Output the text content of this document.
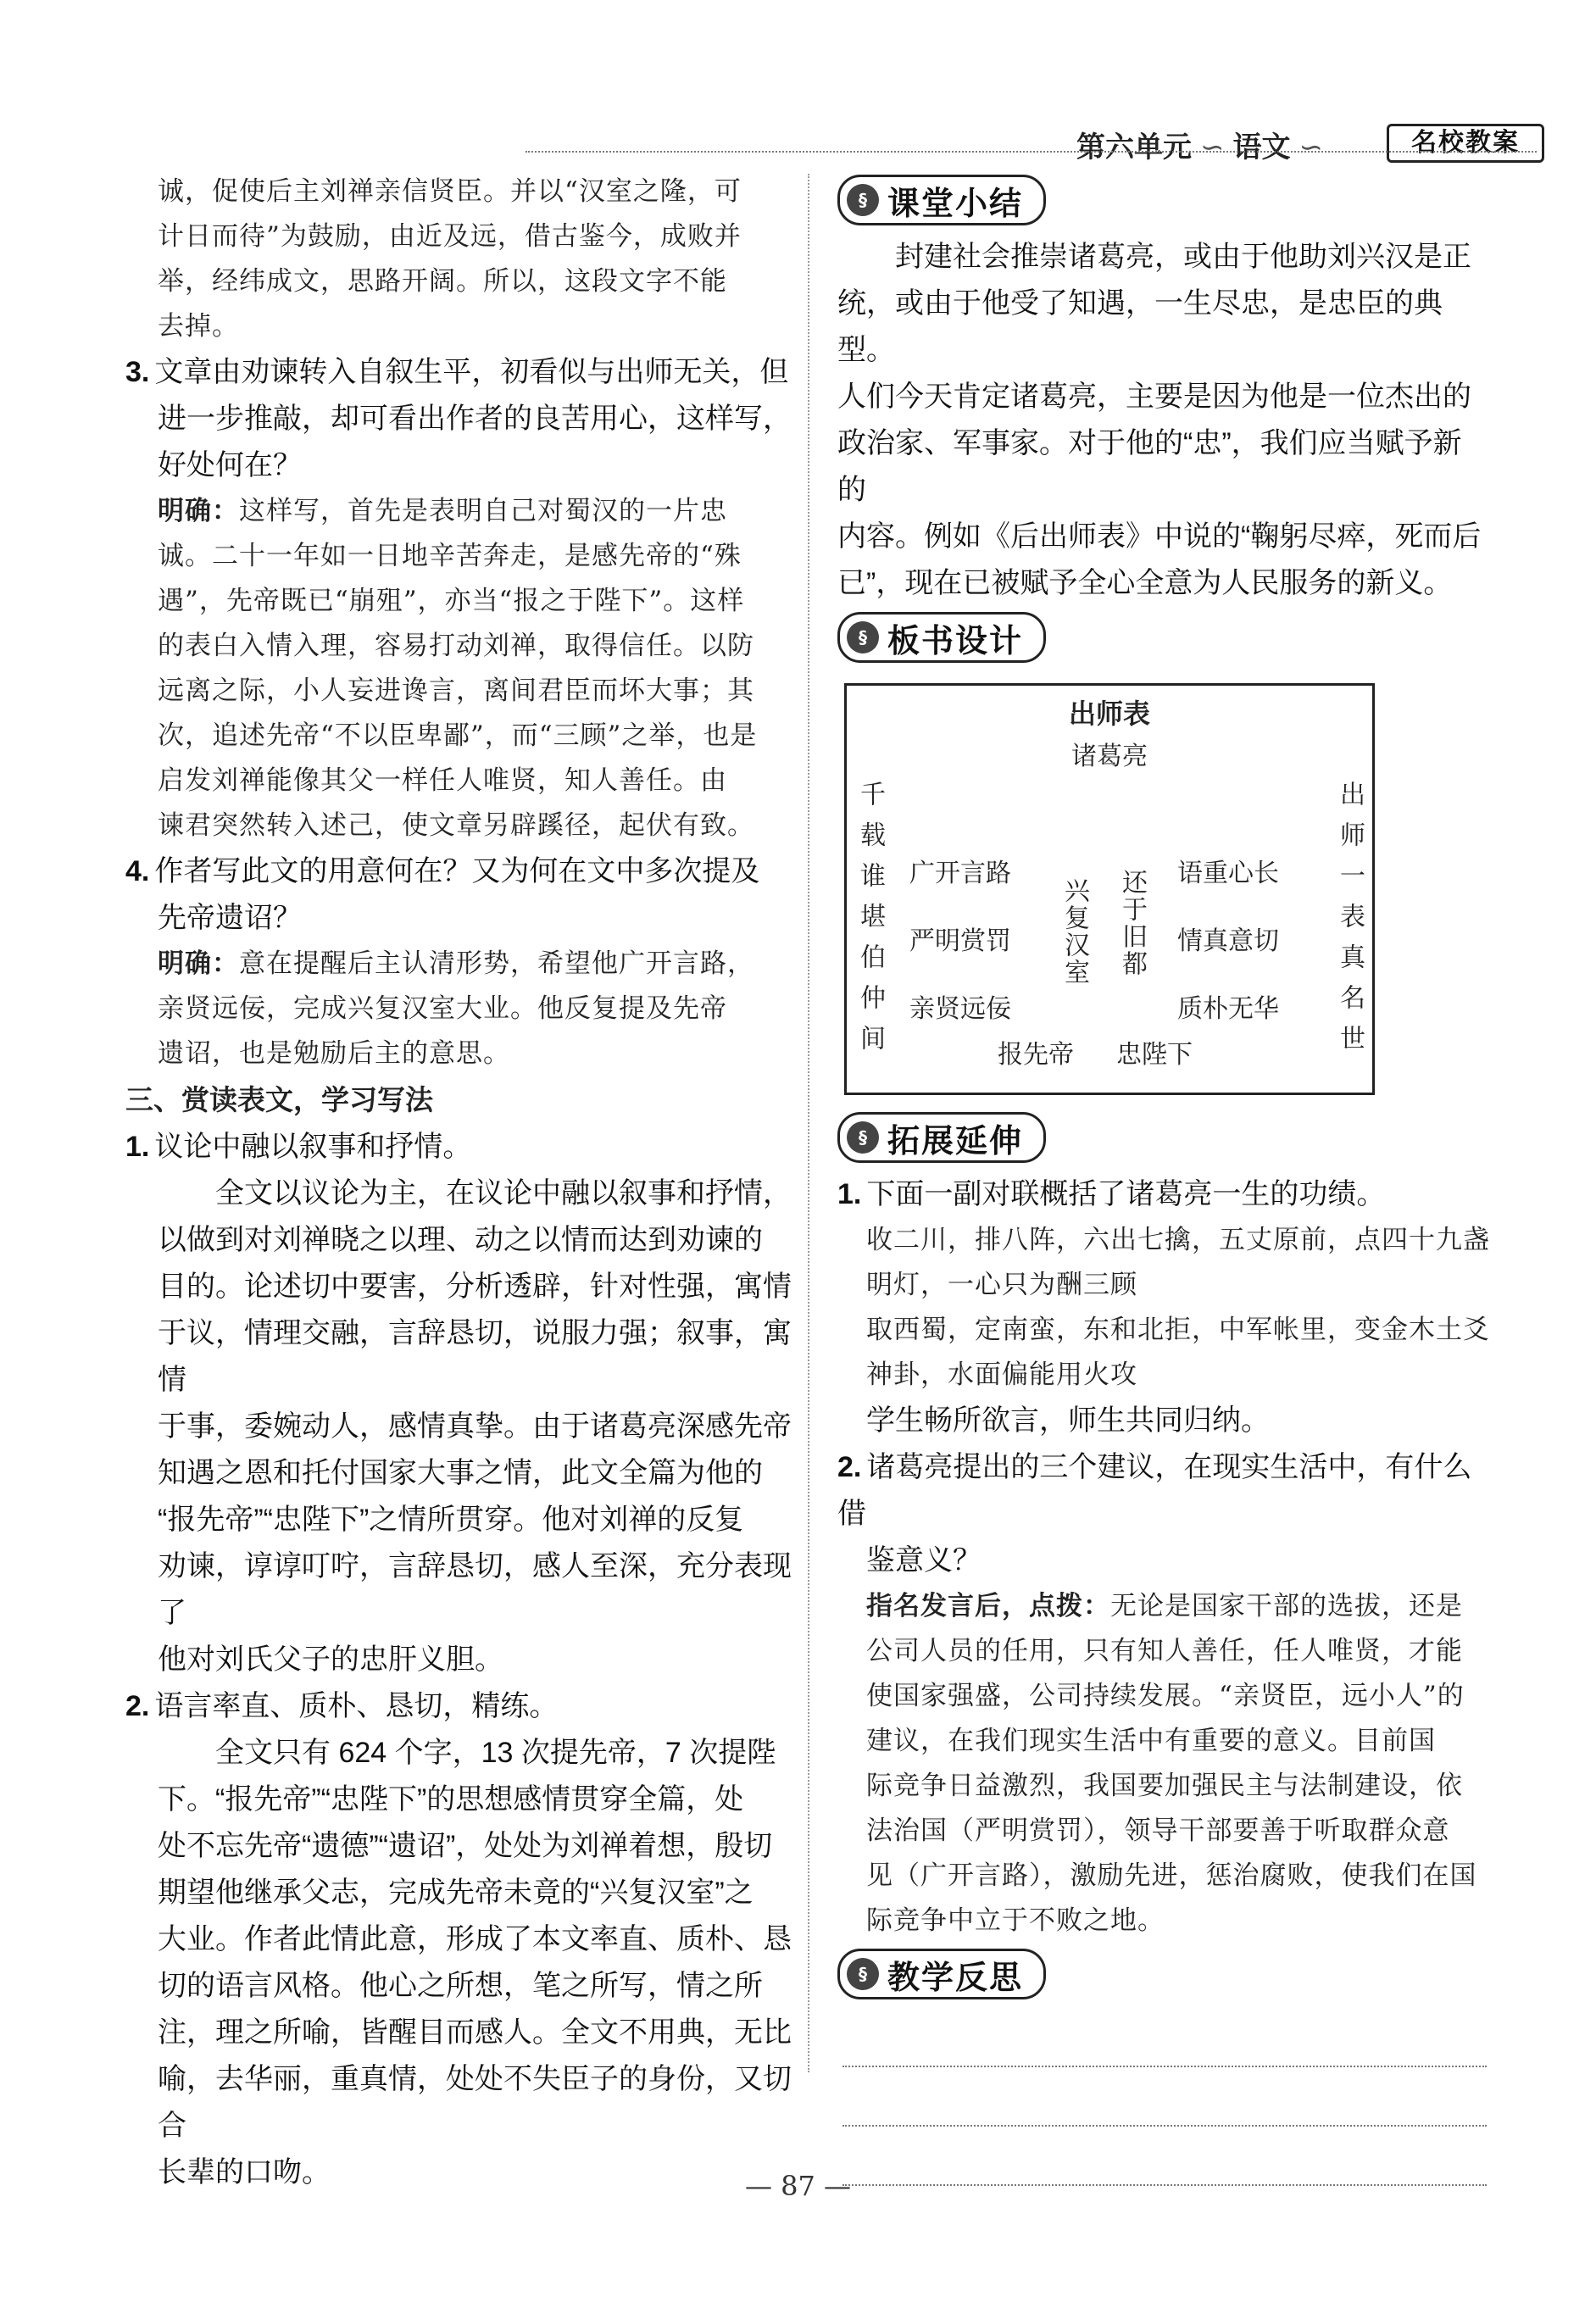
第六单元 ∽ 语文 ∽	名校教案

诚，促使后主刘禅亲信贤臣。并以“汉室之隆，可

计日而待”为鼓励，由近及远，借古鉴今，成败并

举，经纬成文，思路开阔。所以，这段文字不能

去掉。

3. 文章由劝谏转入自叙生平，初看似与出师无关，但

进一步推敲，却可看出作者的良苦用心，这样写，

好处何在？

明确：这样写，首先是表明自己对蜀汉的一片忠

诚。二十一年如一日地辛苦奔走，是感先帝的“殊

遇”，先帝既已“崩殂”，亦当“报之于陛下”。这样

的表白入情入理，容易打动刘禅，取得信任。以防

远离之际，小人妄进谗言，离间君臣而坏大事；其

次，追述先帝“不以臣卑鄙”，而“三顾”之举，也是

启发刘禅能像其父一样任人唯贤，知人善任。由

谏君突然转入述己，使文章另辟蹊径，起伏有致。

4. 作者写此文的用意何在？又为何在文中多次提及

先帝遗诏？

明确：意在提醒后主认清形势，希望他广开言路，

亲贤远佞，完成兴复汉室大业。他反复提及先帝

遗诏，也是勉励后主的意思。

三、赏读表文，学习写法

1. 议论中融以叙事和抒情。

全文以议论为主，在议论中融以叙事和抒情，

以做到对刘禅晓之以理、动之以情而达到劝谏的

目的。论述切中要害，分析透辟，针对性强，寓情

于议，情理交融，言辞恳切，说服力强；叙事，寓情

于事，委婉动人，感情真挚。由于诸葛亮深感先帝

知遇之恩和托付国家大事之情，此文全篇为他的

“报先帝”“忠陛下”之情所贯穿。他对刘禅的反复

劝谏，谆谆叮咛，言辞恳切，感人至深，充分表现了

他对刘氏父子的忠肝义胆。

2. 语言率直、质朴、恳切，精练。

全文只有 624 个字，13 次提先帝，7 次提陛

下。“报先帝”“忠陛下”的思想感情贯穿全篇，处

处不忘先帝“遗德”“遗诏”，处处为刘禅着想，殷切

期望他继承父志，完成先帝未竟的“兴复汉室”之

大业。作者此情此意，形成了本文率直、质朴、恳

切的语言风格。他心之所想，笔之所写，情之所

注，理之所喻，皆醒目而感人。全文不用典，无比

喻，去华丽，重真情，处处不失臣子的身份，又切合

长辈的口吻。

§ 课堂小结

封建社会推崇诸葛亮，或由于他助刘兴汉是正

统，或由于他受了知遇，一生尽忠，是忠臣的典型。

人们今天肯定诸葛亮，主要是因为他是一位杰出的

政治家、军事家。对于他的“忠”，我们应当赋予新的

内容。例如《后出师表》中说的“鞠躬尽瘁，死而后

已”，现在已被赋予全心全意为人民服务的新义。

§ 板书设计
出师表
诸葛亮
千载谁堪伯仲间	出师一表真名世
广开言路
严明赏罚
亲贤远佞
兴复汉室 还于旧都 语重心长
情真意切
质朴无华
报先帝 忠陛下
§ 拓展延伸

1. 下面一副对联概括了诸葛亮一生的功绩。

收二川，排八阵，六出七擒，五丈原前，点四十九盏

明灯，一心只为酬三顾

取西蜀，定南蛮，东和北拒，中军帐里，变金木土爻

神卦，水面偏能用火攻

学生畅所欲言，师生共同归纳。

2. 诸葛亮提出的三个建议，在现实生活中，有什么借

鉴意义？

指名发言后，点拨：无论是国家干部的选拔，还是

公司人员的任用，只有知人善任，任人唯贤，才能

使国家强盛，公司持续发展。“亲贤臣，远小人”的

建议，在我们现实生活中有重要的意义。目前国

际竞争日益激烈，我国要加强民主与法制建设，依

法治国（严明赏罚），领导干部要善于听取群众意

见（广开言路），激励先进，惩治腐败，使我们在国

际竞争中立于不败之地。

§ 教学反思
— 87 —
